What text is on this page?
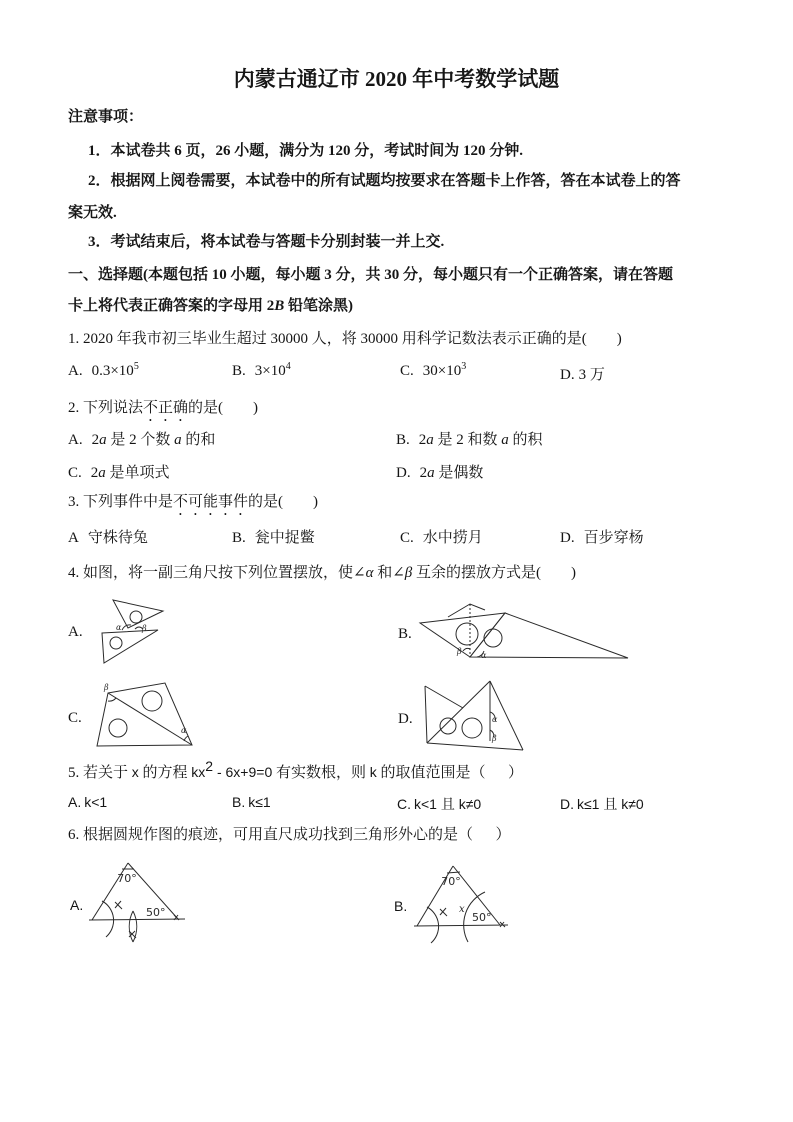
内蒙古通辽市 2020 年中考数学试题
注意事项：
1．本试卷共 6 页，26 小题，满分为 120 分，考试时间为 120 分钟.
2．根据网上阅卷需要，本试卷中的所有试题均按要求在答题卡上作答，答在本试卷上的答
案无效.
3．考试结束后，将本试卷与答题卡分别封装一并上交.
一、选择题(本题包括 10 小题，每小题 3 分，共 30 分，每小题只有一个正确答案，请在答题
卡上将代表正确答案的字母用 2B 铅笔涂黑)
1. 2020 年我市初三毕业生超过 30000 人，将 30000 用科学记数法表示正确的是(        )
A. $0.3\times 10^5$	B. $3\times 10^4$	C. $30\times 10^3$
D. 3 万
2. 下列说法不正确的是(        )
A. 2a 是 2 个数 a 的和	B. 2a 是 2 和数 a 的积
C. 2a 是单项式	D. 2a 是偶数
3. 下列事件中是不可能事件的是(        )
A 守株待兔	B. 瓮中捉鳖	C. 水中捞月	D. 百步穿杨
4. 如图，将一副三角尺按下列位置摆放，使∠α 和∠β 互余的摆放方式是(        )
A.	α	β	B.
β α
C.
β
α
D.	α
β
5. 若关于 x 的方程 kx2 - 6x+9=0 有实数根，则 k 的取值范围是（      ）
A. k<1	B. k≤1	C. k<1 且 k≠0	D. k≤1 且 k≠0
6. 根据圆规作图的痕迹，可用直尺成功找到三角形外心的是（      ）
A.
70°
50°	B.
70°
50°
x
